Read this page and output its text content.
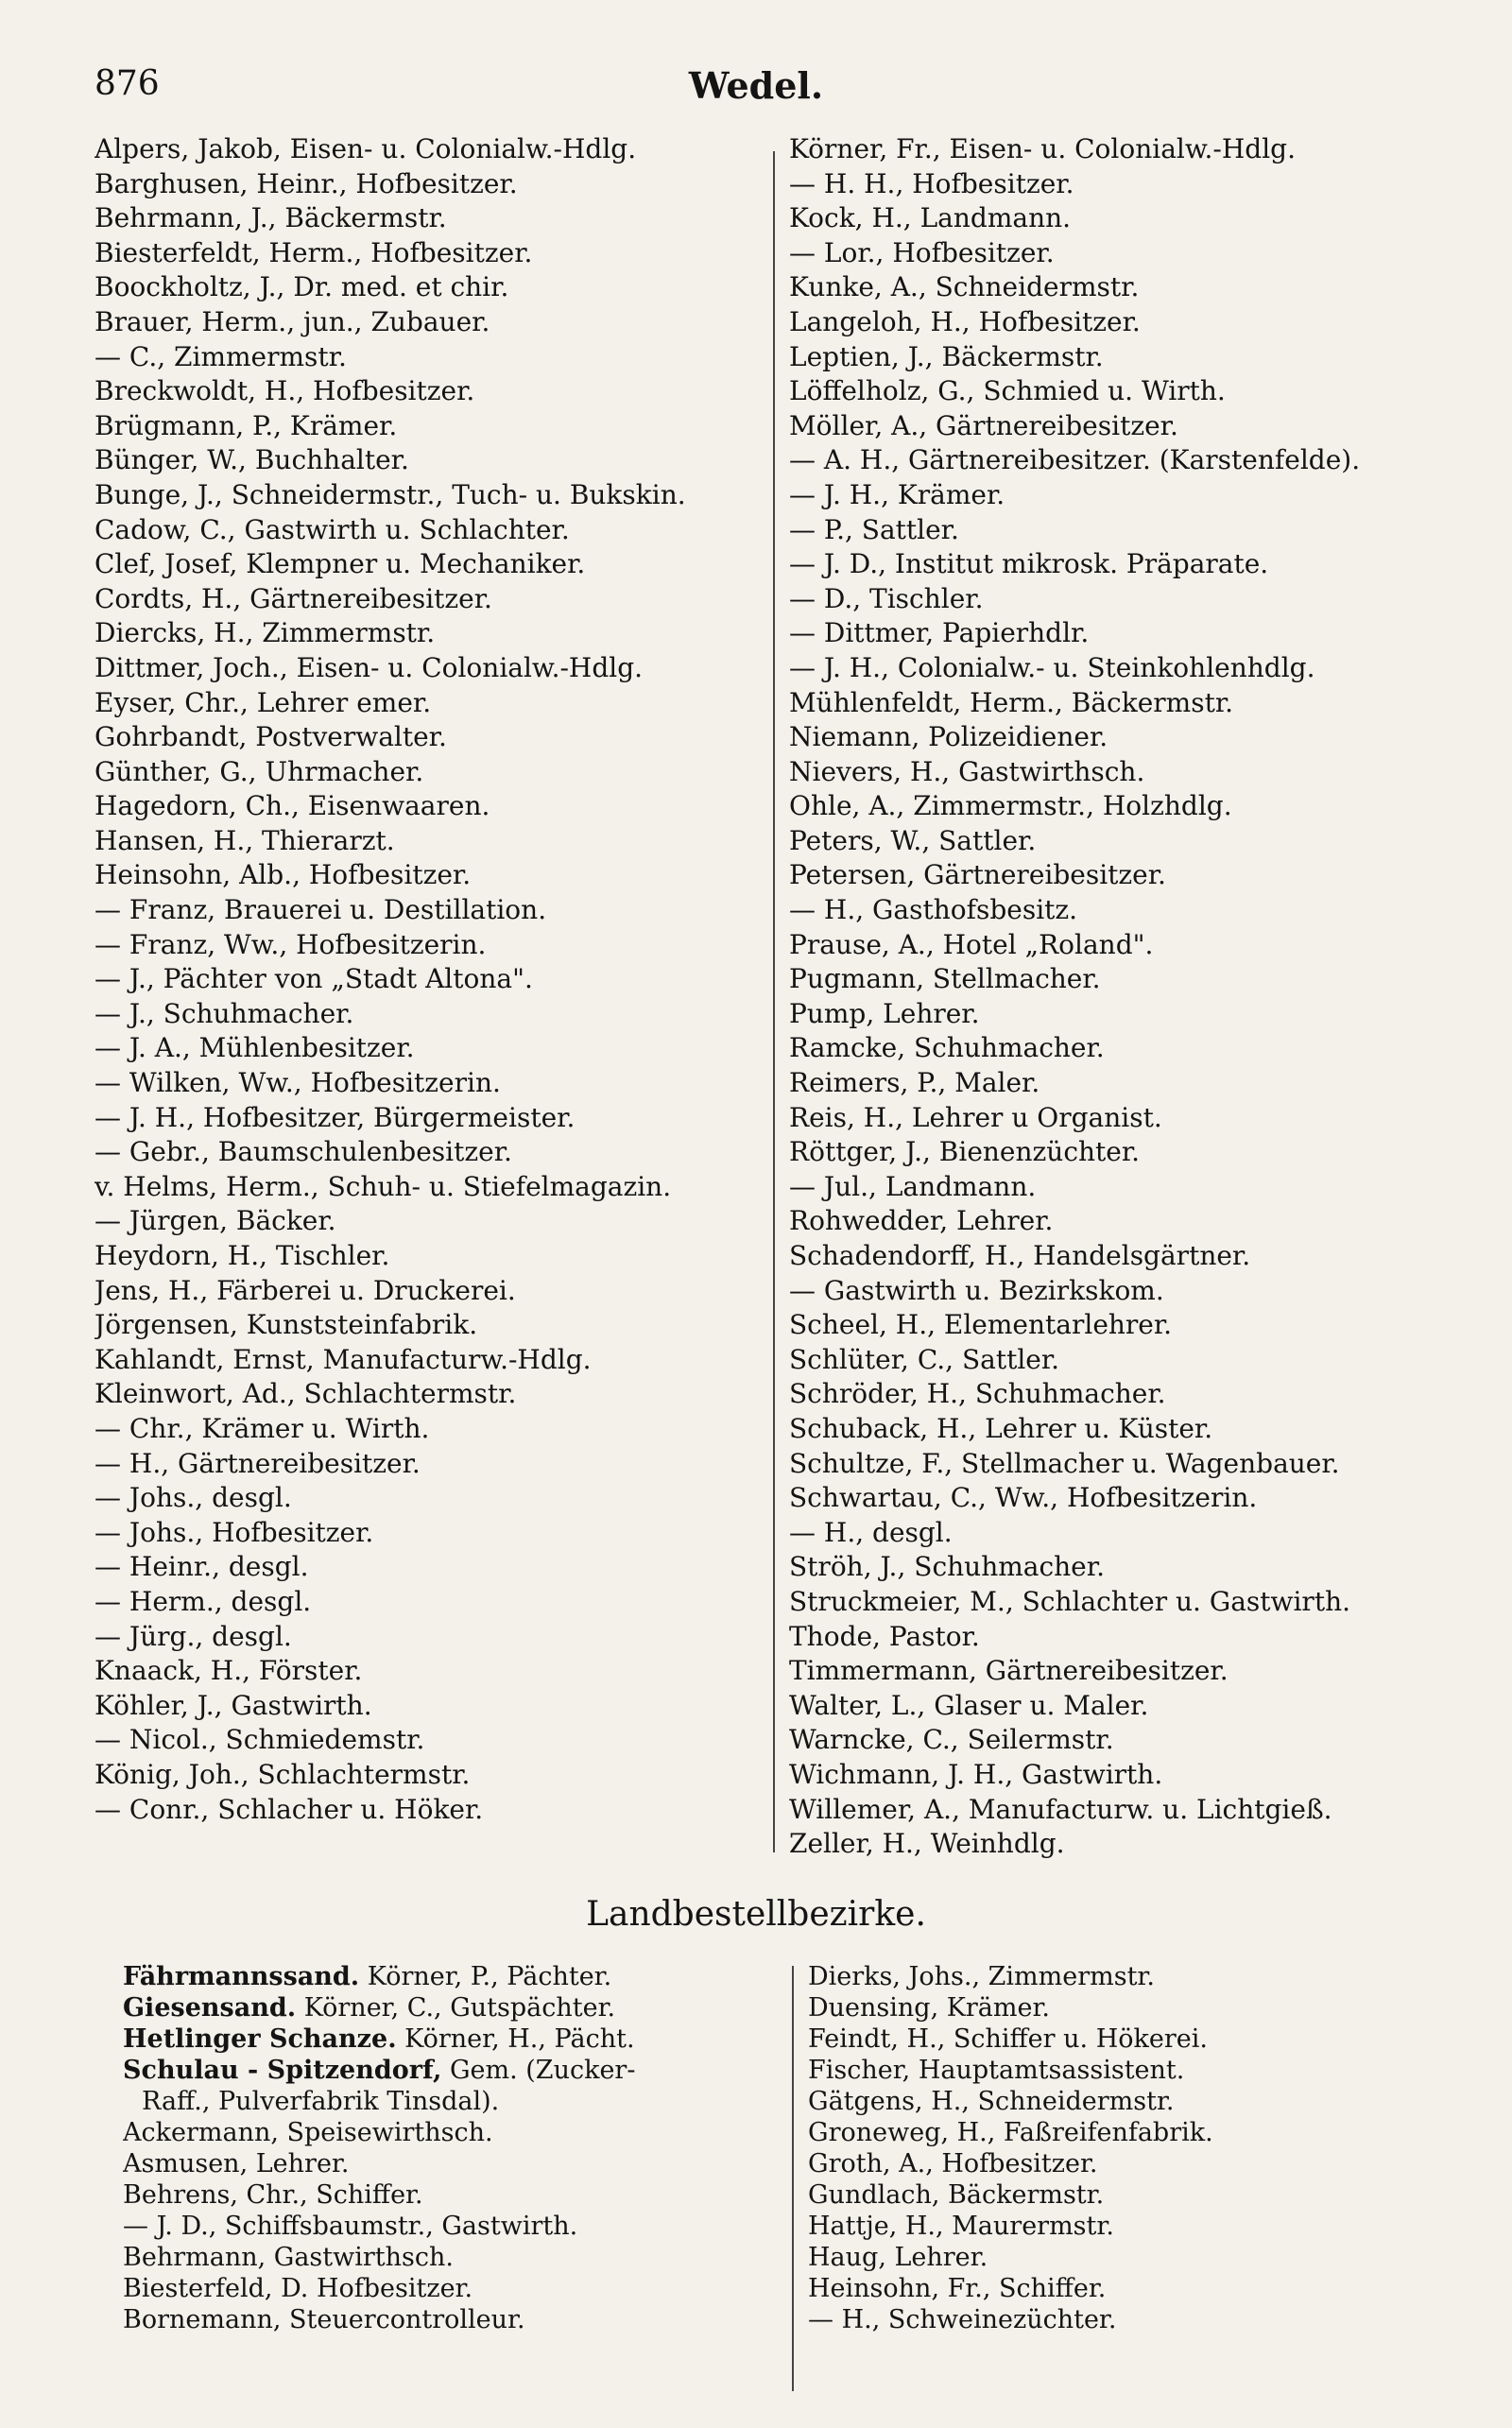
876	Wedel.
Alpers, Jakob, Eisen- u. Colonialw.-Hdlg.
Barghusen, Heinr., Hofbesitzer.
Behrmann, J., Bäckermstr.
Biesterfeldt, Herm., Hofbesitzer.
Boockholtz, J., Dr. med. et chir.
Brauer, Herm., jun., Zubauer.
— C., Zimmermstr.
Breckwoldt, H., Hofbesitzer.
Brügmann, P., Krämer.
Bünger, W., Buchhalter.
Bunge, J., Schneidermstr., Tuch- u. Bukskin.
Cadow, C., Gastwirth u. Schlachter.
Clef, Josef, Klempner u. Mechaniker.
Cordts, H., Gärtnereibesitzer.
Diercks, H., Zimmermstr.
Dittmer, Joch., Eisen- u. Colonialw.-Hdlg.
Eyser, Chr., Lehrer emer.
Gohrbandt, Postverwalter.
Günther, G., Uhrmacher.
Hagedorn, Ch., Eisenwaaren.
Hansen, H., Thierarzt.
Heinsohn, Alb., Hofbesitzer.
— Franz, Brauerei u. Destillation.
— Franz, Ww., Hofbesitzerin.
— J., Pächter von „Stadt Altona".
— J., Schuhmacher.
— J. A., Mühlenbesitzer.
— Wilken, Ww., Hofbesitzerin.
— J. H., Hofbesitzer, Bürgermeister.
— Gebr., Baumschulenbesitzer.
v. Helms, Herm., Schuh- u. Stiefelmagazin.
— Jürgen, Bäcker.
Heydorn, H., Tischler.
Jens, H., Färberei u. Druckerei.
Jörgensen, Kunststeinfabrik.
Kahlandt, Ernst, Manufacturw.-Hdlg.
Kleinwort, Ad., Schlachtermstr.
— Chr., Krämer u. Wirth.
— H., Gärtnereibesitzer.
— Johs., desgl.
— Johs., Hofbesitzer.
— Heinr., desgl.
— Herm., desgl.
— Jürg., desgl.
Knaack, H., Förster.
Köhler, J., Gastwirth.
— Nicol., Schmiedemstr.
König, Joh., Schlachtermstr.
— Conr., Schlacher u. Höker.
Körner, Fr., Eisen- u. Colonialw.-Hdlg.
— H. H., Hofbesitzer.
Kock, H., Landmann.
— Lor., Hofbesitzer.
Kunke, A., Schneidermstr.
Langeloh, H., Hofbesitzer.
Leptien, J., Bäckermstr.
Löffelholz, G., Schmied u. Wirth.
Möller, A., Gärtnereibesitzer.
— A. H., Gärtnereibesitzer. (Karstenfelde).
— J. H., Krämer.
— P., Sattler.
— J. D., Institut mikrosk. Präparate.
— D., Tischler.
— Dittmer, Papierhdlr.
— J. H., Colonialw.- u. Steinkohlenhdlg.
Mühlenfeldt, Herm., Bäckermstr.
Niemann, Polizeidiener.
Nievers, H., Gastwirthsch.
Ohle, A., Zimmermstr., Holzhdlg.
Peters, W., Sattler.
Petersen, Gärtnereibesitzer.
— H., Gasthofsbesitz.
Prause, A., Hotel „Roland".
Pugmann, Stellmacher.
Pump, Lehrer.
Ramcke, Schuhmacher.
Reimers, P., Maler.
Reis, H., Lehrer u Organist.
Röttger, J., Bienenzüchter.
— Jul., Landmann.
Rohwedder, Lehrer.
Schadendorff, H., Handelsgärtner.
— Gastwirth u. Bezirkskom.
Scheel, H., Elementarlehrer.
Schlüter, C., Sattler.
Schröder, H., Schuhmacher.
Schuback, H., Lehrer u. Küster.
Schultze, F., Stellmacher u. Wagenbauer.
Schwartau, C., Ww., Hofbesitzerin.
— H., desgl.
Ströh, J., Schuhmacher.
Struckmeier, M., Schlachter u. Gastwirth.
Thode, Pastor.
Timmermann, Gärtnereibesitzer.
Walter, L., Glaser u. Maler.
Warncke, C., Seilermstr.
Wichmann, J. H., Gastwirth.
Willemer, A., Manufacturw. u. Lichtgieß.
Zeller, H., Weinhdlg.
Landbestellbezirke.
Fährmannssand. Körner, P., Pächter.
Giesensand. Körner, C., Gutspächter.
Hetlinger Schanze. Körner, H., Pächt.
Schulau - Spitzendorf, Gem. (Zucker-
Raff., Pulverfabrik Tinsdal).
Ackermann, Speisewirthsch.
Asmusen, Lehrer.
Behrens, Chr., Schiffer.
— J. D., Schiffsbaumstr., Gastwirth.
Behrmann, Gastwirthsch.
Biesterfeld, D. Hofbesitzer.
Bornemann, Steuercontrolleur.
Dierks, Johs., Zimmermstr.
Duensing, Krämer.
Feindt, H., Schiffer u. Hökerei.
Fischer, Hauptamtsassistent.
Gätgens, H., Schneidermstr.
Groneweg, H., Faßreifenfabrik.
Groth, A., Hofbesitzer.
Gundlach, Bäckermstr.
Hattje, H., Maurermstr.
Haug, Lehrer.
Heinsohn, Fr., Schiffer.
— H., Schweinezüchter.
